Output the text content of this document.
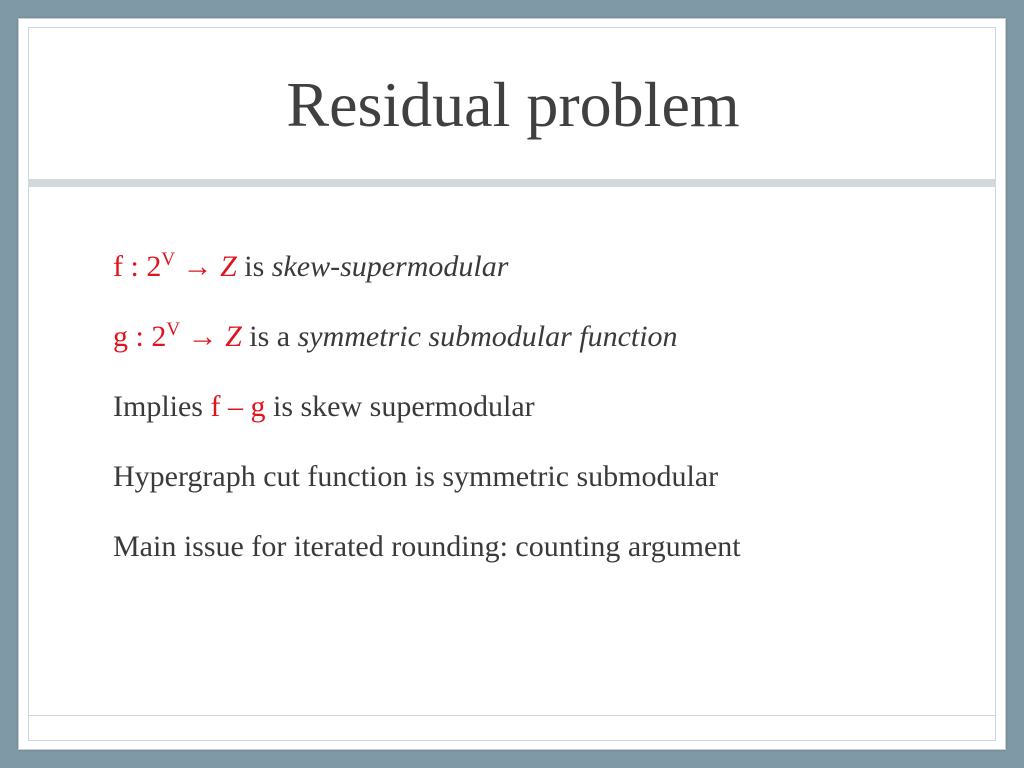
Residual problem
f : $2^V \to Z$ is skew-supermodular
g : $2^V \to Z$ is a symmetric submodular function
Implies f – g is skew supermodular
Hypergraph cut function is symmetric submodular
Main issue for iterated rounding: counting argument
